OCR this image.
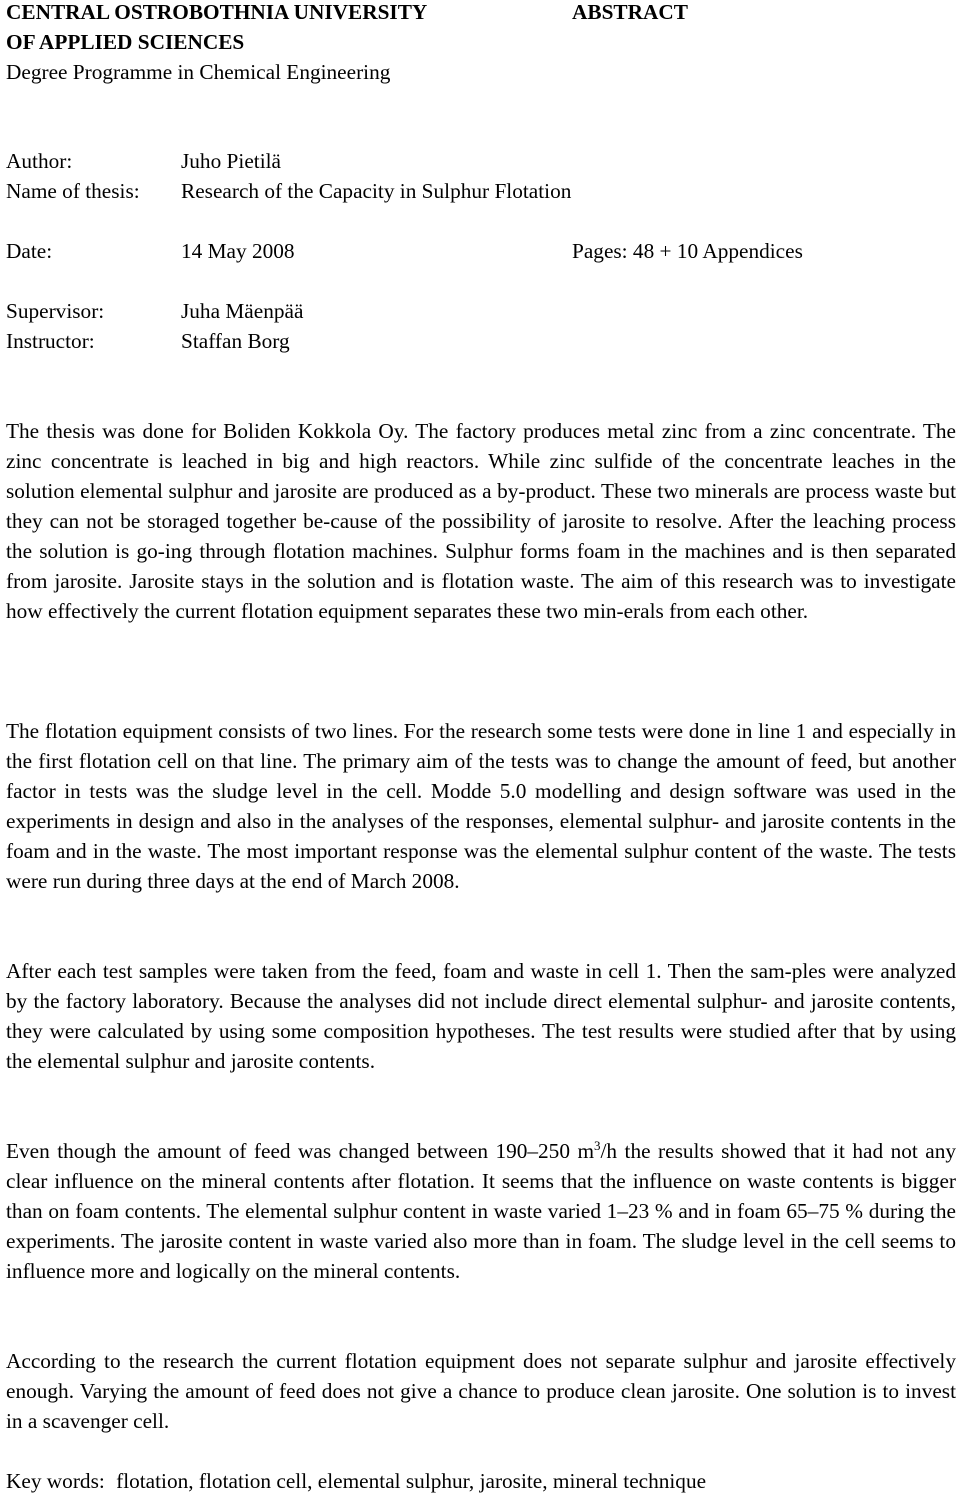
CENTRAL OSTROBOTHNIA UNIVERSITY
OF APPLIED SCIENCES
Degree Programme in Chemical Engineering
ABSTRACT
Author:	Juho Pietilä
Name of thesis: Research of the Capacity in Sulphur Flotation
Date:	14 May 2008	Pages: 48 + 10 Appendices
Supervisor:	Juha Mäenpää
Instructor:	Staffan Borg
The thesis was done for Boliden Kokkola Oy. The factory produces metal zinc from a zinc concentrate. The zinc concentrate is leached in big and high reactors. While zinc sulfide of the concentrate leaches in the solution elemental sulphur and jarosite are produced as a by-product. These two minerals are process waste but they can not be storaged together be-cause of the possibility of jarosite to resolve. After the leaching process the solution is go-ing through flotation machines. Sulphur forms foam in the machines and is then separated from jarosite. Jarosite stays in the solution and is flotation waste. The aim of this research was to investigate how effectively the current flotation equipment separates these two min-erals from each other.
The flotation equipment consists of two lines. For the research some tests were done in line 1 and especially in the first flotation cell on that line. The primary aim of the tests was to change the amount of feed, but another factor in tests was the sludge level in the cell. Modde 5.0 modelling and design software was used in the experiments in design and also in the analyses of the responses, elemental sulphur- and jarosite contents in the foam and in the waste. The most important response was the elemental sulphur content of the waste. The tests were run during three days at the end of March 2008.
After each test samples were taken from the feed, foam and waste in cell 1. Then the sam-ples were analyzed by the factory laboratory. Because the analyses did not include direct elemental sulphur- and jarosite contents, they were calculated by using some composition hypotheses. The test results were studied after that by using the elemental sulphur and jarosite contents.
Even though the amount of feed was changed between 190–250 $m^3/h$ the results showed that it had not any clear influence on the mineral contents after flotation. It seems that the influence on waste contents is bigger than on foam contents. The elemental sulphur content in waste varied 1–23 % and in foam 65–75 % during the experiments. The jarosite content in waste varied also more than in foam. The sludge level in the cell seems to influence more and logically on the mineral contents.
According to the research the current flotation equipment does not separate sulphur and jarosite effectively enough. Varying the amount of feed does not give a chance to produce clean jarosite. One solution is to invest in a scavenger cell.
Key words: flotation, flotation cell, elemental sulphur, jarosite, mineral technique
